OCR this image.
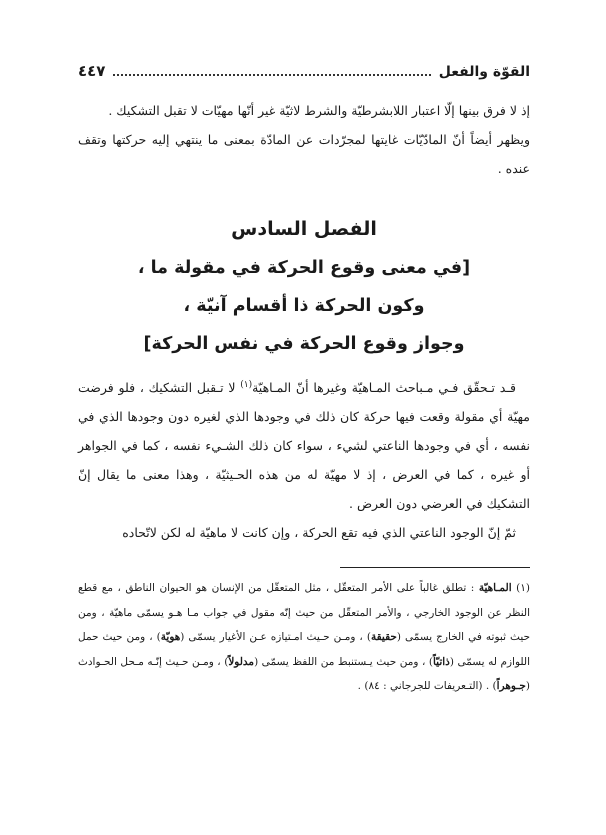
القوّة والفعل
٤٤٧

إذ لا فرق بينها إلّا اعتبار اللابشرطيّة والشرط لاثيّة غير أنّها مهيّات لا تقبل التشكيك .

ويظهر أيضاً أنّ المادّيّات غايتها لمجرّدات عن المادّة بمعنى ما ينتهي إليه حركتها وتقف عنده .

الفصل السادس
[في معنى وقوع الحركة في مقولة ما ،
وكون الحركة ذا أقسام آنيّة ،
وجواز وقوع الحركة في نفس الحركة]

قـد تـحقّق فـي مـباحث المـاهيّة وغيرها أنّ المـاهيّة$^{(١)}$ لا تـقبل التشكيك ، فلو فرضت مهيّة أي مقولة وقعت فيها حركة كان ذلك في وجودها الذي لغيره دون وجودها الذي في نفسه ، أي في وجودها الناعتي لشيء ، سواء كان ذلك الشـيء نفسه ، كما في الجواهر أو غيره ، كما في العرض ، إذ لا مهيّة له من هذه الحـيثيّة ، وهذا معنى ما يقال إنّ التشكيك في العرضي دون العرض .

ثمّ إنّ الوجود الناعتي الذي فيه تقع الحركة ، وإن كانت لا ماهيّة له لكن لاتّحاده

(١) المـاهيّة : تطلق غالباً على الأمر المتعقّل ، مثل المتعقّل من الإنسان هو الحيوان الناطق ، مع قطع النظر عن الوجود الخارجي ، والأمر المتعقّل من حيث إنّه مقول في جواب مـا هـو يسمّى ماهيّة ، ومن حيث ثبوته في الخارج يسمّى (حقيقة) ، ومـن حـيث امـتيازه عـن الأغيار يسمّى (هويّة) ، ومن حيث حمل اللوازم له يسمّى (ذاتيّاً) ، ومن حيث يـستنبط من اللفظ يسمّى (مدلولاً) ، ومـن حـيث إنّـه مـحل الحـوادث (جـوهراً) . (التـعريفات للجرجاني : ٨٤) .
